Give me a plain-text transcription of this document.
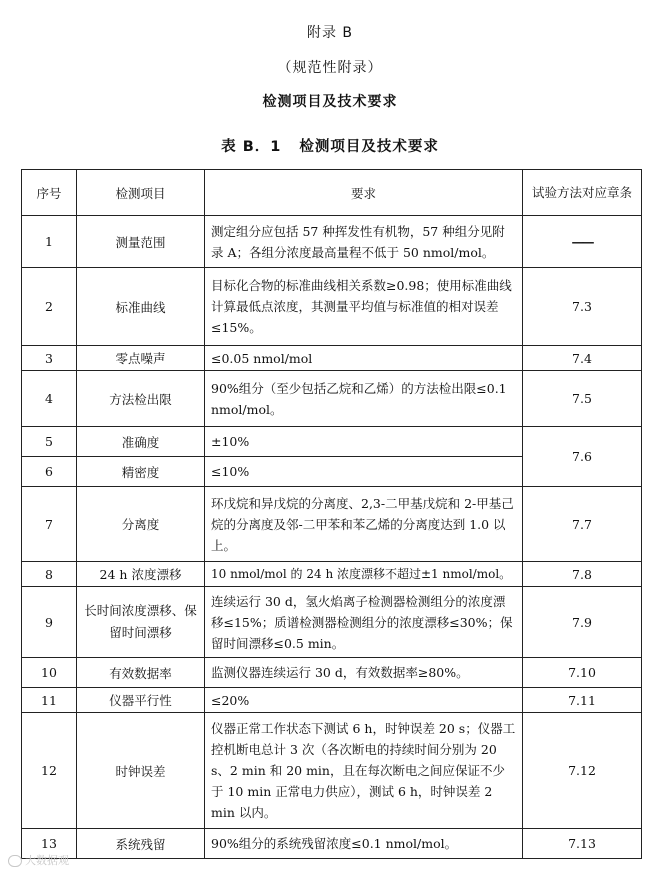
附录 B
（规范性附录）
检测项目及技术要求
表 B．1 检测项目及技术要求
序号	检测项目	要求	试验方法对应章条
1	测量范围	测定组分应包括 57 种挥发性有机物，57 种组分见附录 A；各组分浓度最高量程不低于 50 nmol/mol。	——
2	标准曲线	目标化合物的标准曲线相关系数≥0.98；使用标准曲线计算最低点浓度，其测量平均值与标准值的相对误差≤15%。	7.3
3	零点噪声	≤0.05 nmol/mol	7.4
4	方法检出限	90%组分（至少包括乙烷和乙烯）的方法检出限≤0.1   nmol/mol。	7.5
5	准确度	±10%	7.6
6	精密度	≤10%	
7	分离度	环戊烷和异戊烷的分离度、2,3-二甲基戊烷和 2-甲基己烷的分离度及邻-二甲苯和苯乙烯的分离度达到 1.0 以上。	7.7
8	24 h 浓度漂移	10 nmol/mol 的 24 h 浓度漂移不超过±1 nmol/mol。	7.8
9	长时间浓度漂移、保留时间漂移	连续运行 30 d，氢火焰离子检测器检测组分的浓度漂移≤15%；质谱检测器检测组分的浓度漂移≤30%；保留时间漂移≤0.5 min。	7.9
10	有效数据率	监测仪器连续运行 30 d，有效数据率≥80%。	7.10
11	仪器平行性	≤20%	7.11
12	时钟误差	仪器正常工作状态下测试 6 h，时钟误差 20 s；仪器工控机断电总计 3 次（各次断电的持续时间分别为 20 s、2 min 和 20 min，且在每次断电之间应保证不少于 10 min 正常电力供应），测试 6 h，时钟误差 2 min 以内。	7.12
13	系统残留	90%组分的系统残留浓度≤0.1 nmol/mol。	7.13
大数据观
